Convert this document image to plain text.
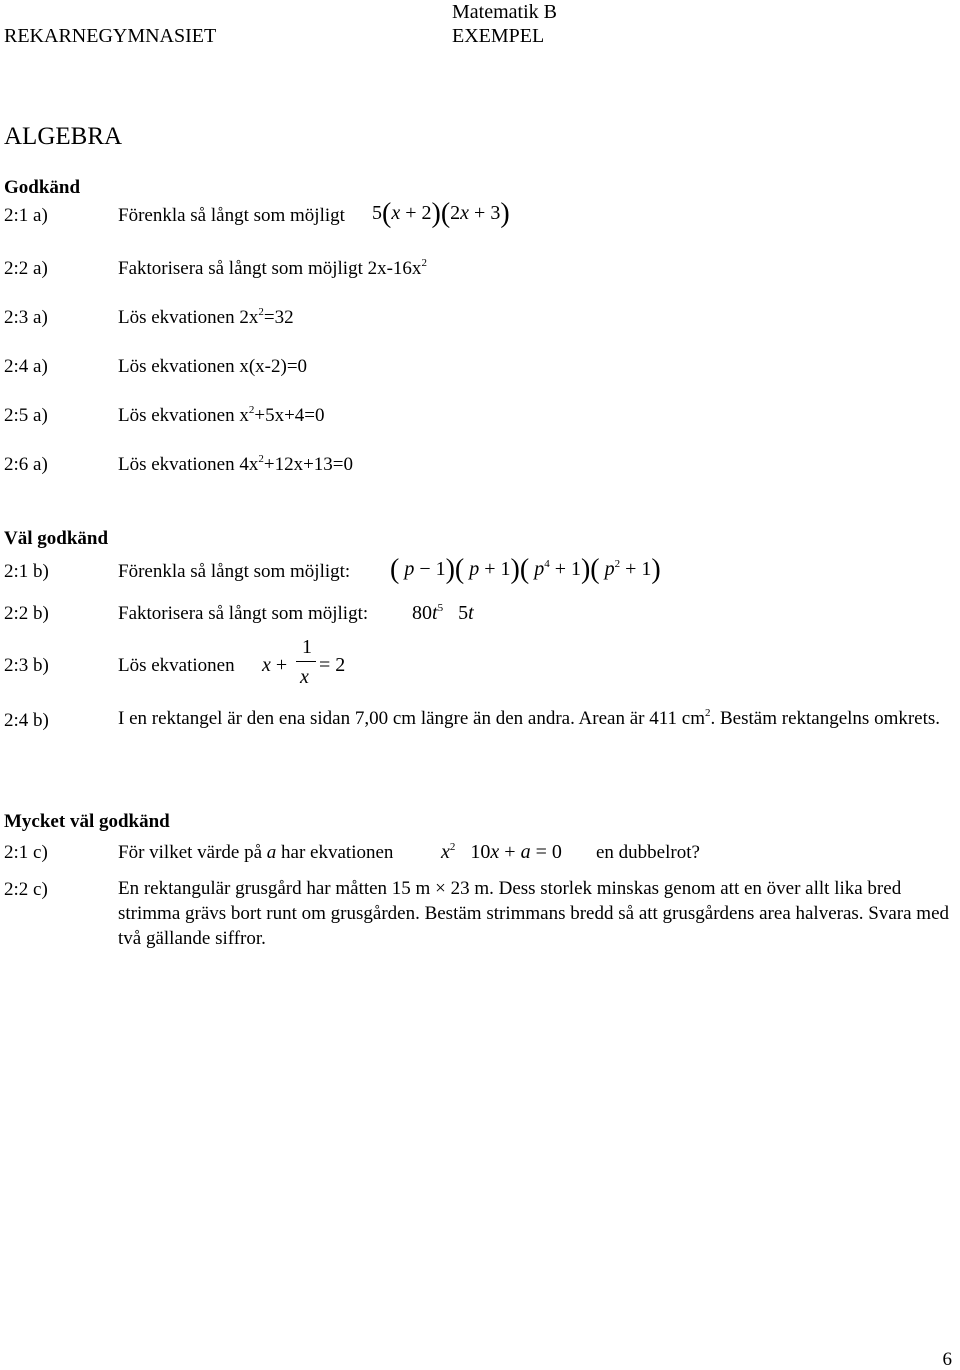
REKARNEGYMNASIET
Matematik B
EXEMPEL
ALGEBRA
Godkänd
2:1 a)	Förenkla så långt som möjligt 5(x + 2)(2x + 3)
2:2 a)	Faktorisera så långt som möjligt $2x-16x^2$
2:3 a)	Lös ekvationen $2x^2=32$
2:4 a)	Lös ekvationen x(x-2)=0
2:5 a)	Lös ekvationen $x^2+5x+4=0$
2:6 a)	Lös ekvationen $4x^2+12x+13=0$
Väl godkänd
2:1 b)	Förenkla så långt som möjligt: ( p − 1)( p + 1)( $p^4 + 1$)( $p^2 + 1$)
2:2 b)	Faktorisera så långt som möjligt: $80t^5$ 5t
2:3 b)	Lös ekvationen x +
1
x
= 2
2:4 b)	I en rektangel är den ena sidan 7,00 cm längre än den andra. Arean är 411 $cm^2$. Bestäm rektangelns omkrets.
Mycket väl godkänd
2:1 c)	För vilket värde på a har ekvationen $x^2$ 10x + a = 0 en dubbelrot?
2:2 c)	En rektangulär grusgård har måtten 15 m × 23 m. Dess storlek minskas genom att en över allt lika bred strimma grävs bort runt om grusgården. Bestäm strimmans bredd så att grusgårdens area halveras. Svara med två gällande siffror.
6
